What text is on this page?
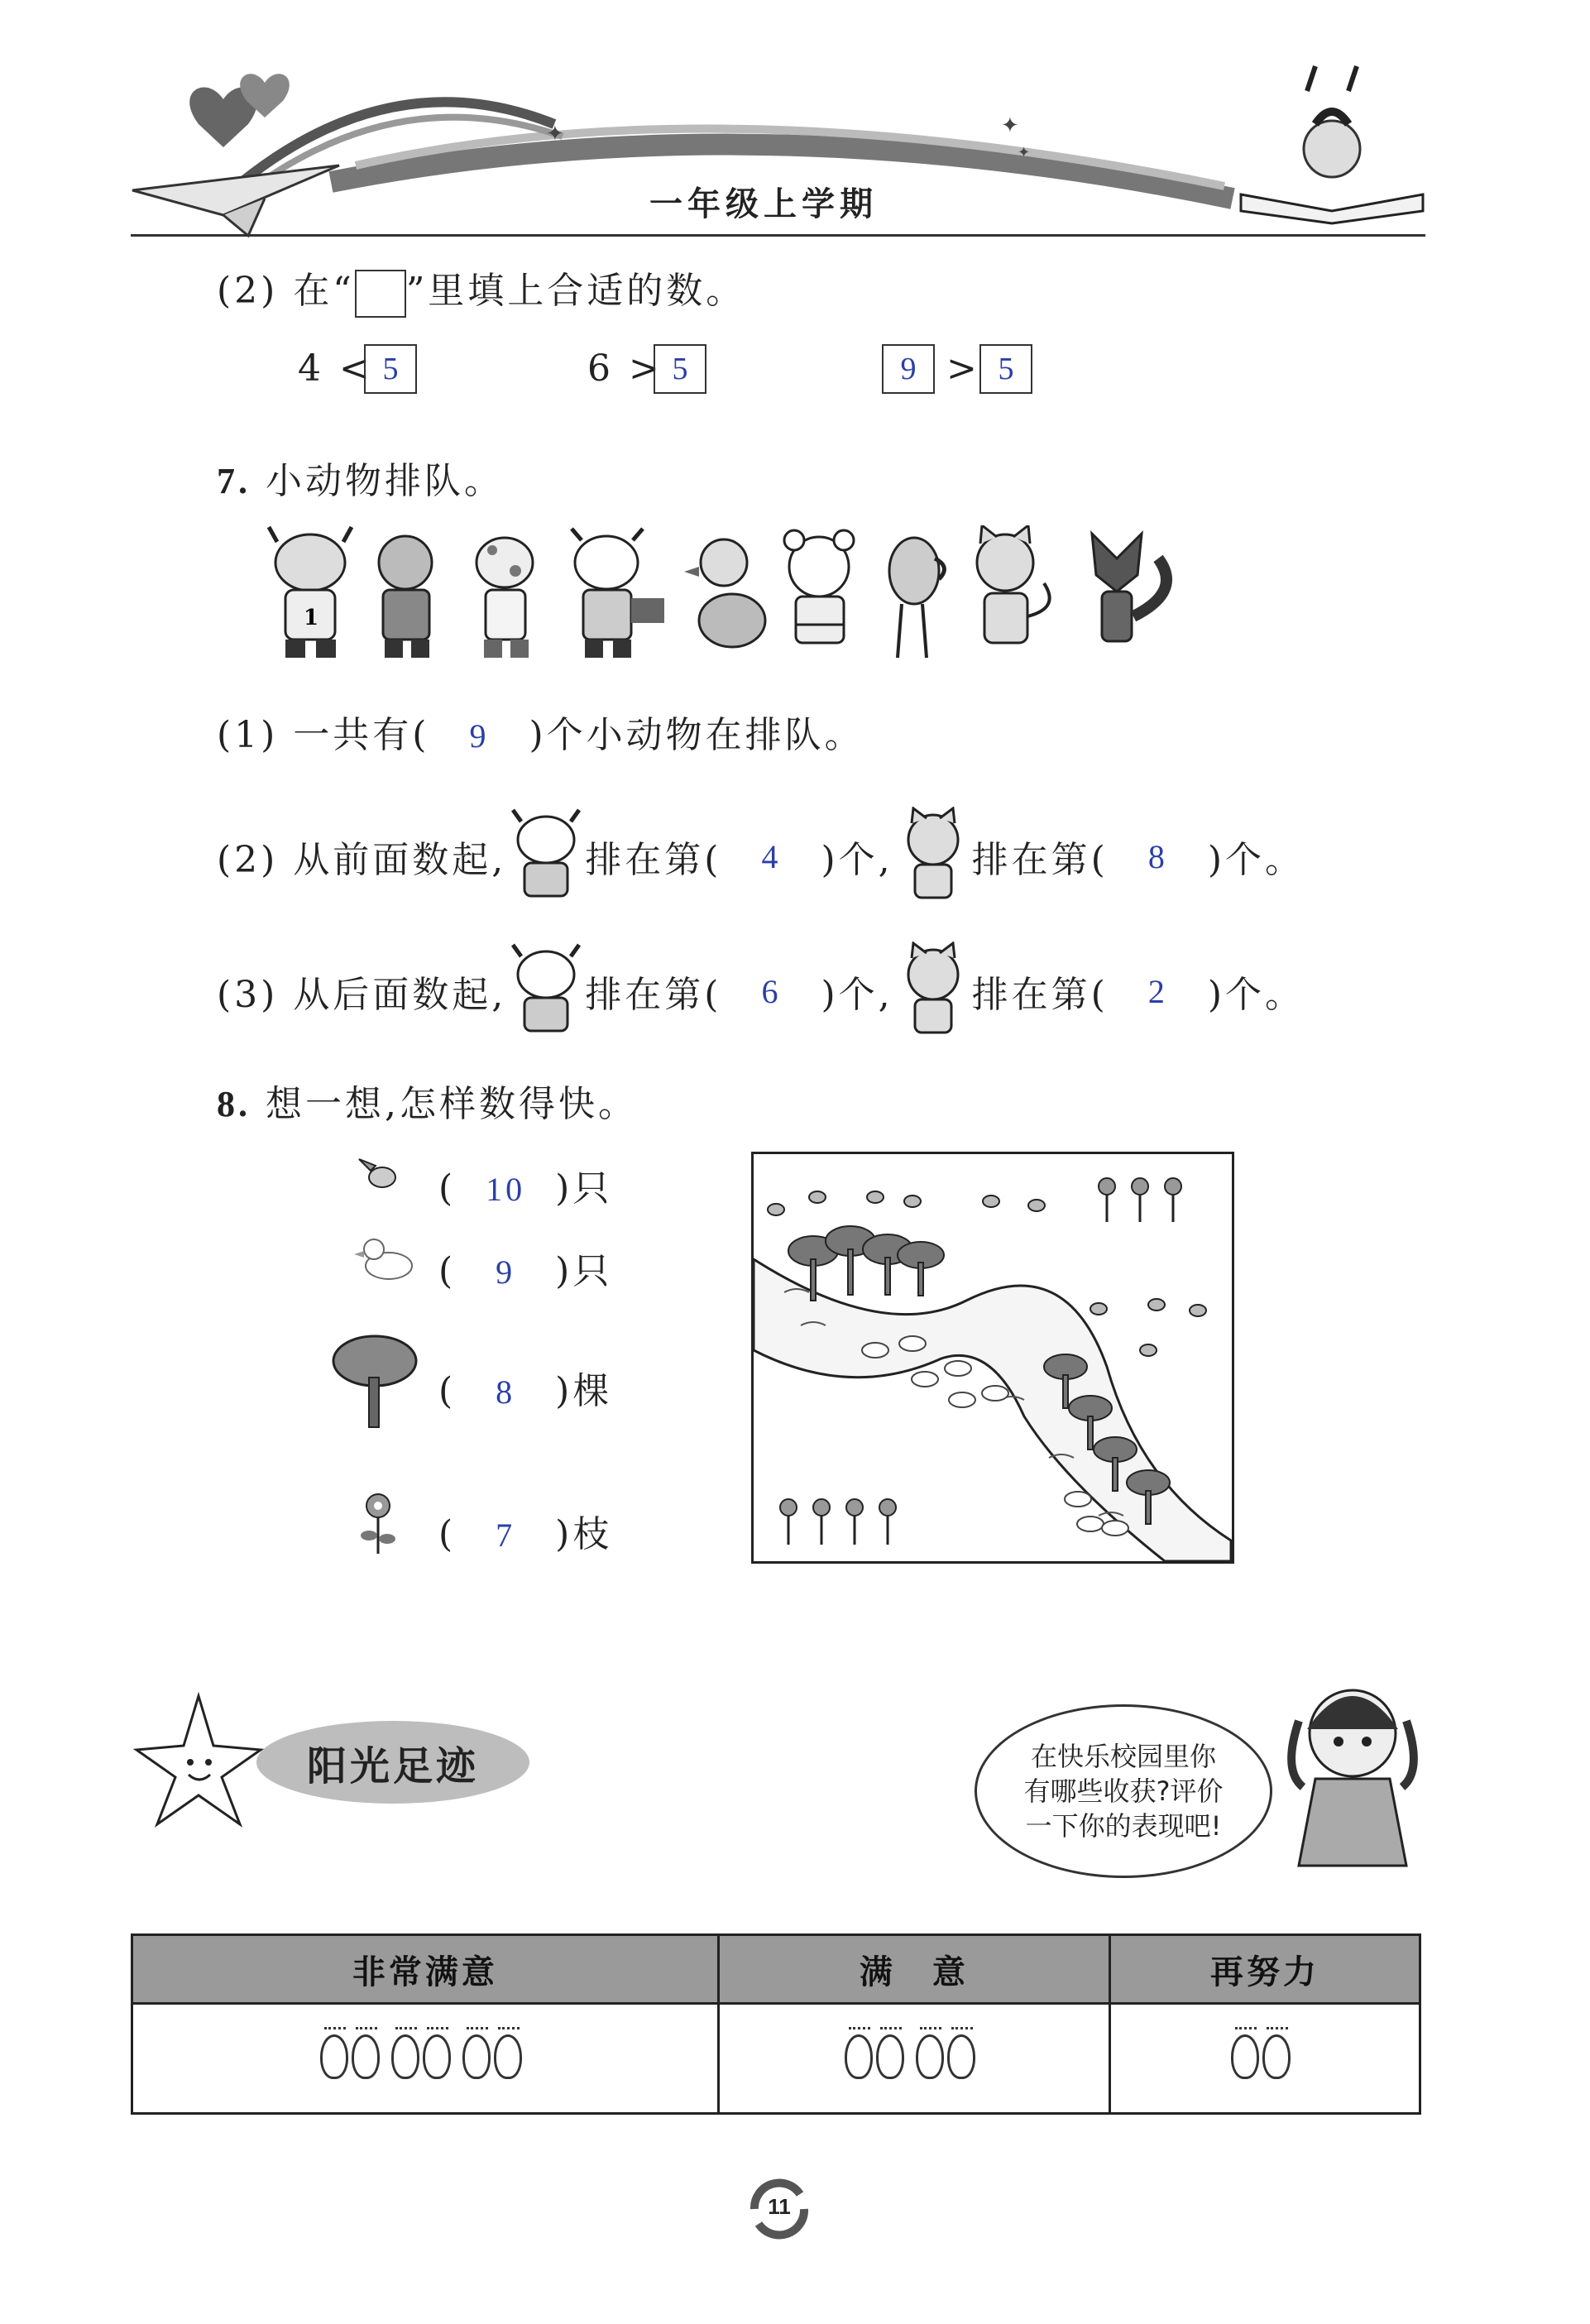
✦	✦
✦
一年级上学期
(2) 在“ ”里填上合适的数。
4 < 5	6 > 5	9 > 5
7. 小动物排队。
1
(1) 一共有( 9 )个小动物在排队。
(2) 从前面数起, 排在第(	4	)个, 排在第(	8	)个。
(3) 从后面数起, 排在第(	6	)个, 排在第(	2	)个。
8. 想一想,怎样数得快。
( 10 )只
( 9 )只
( 8 )棵
( 7 )枝
阳光足迹	在快乐校园里你
有哪些收获?评价
一下你的表现吧!
非常满意	满　意	再努力

11
